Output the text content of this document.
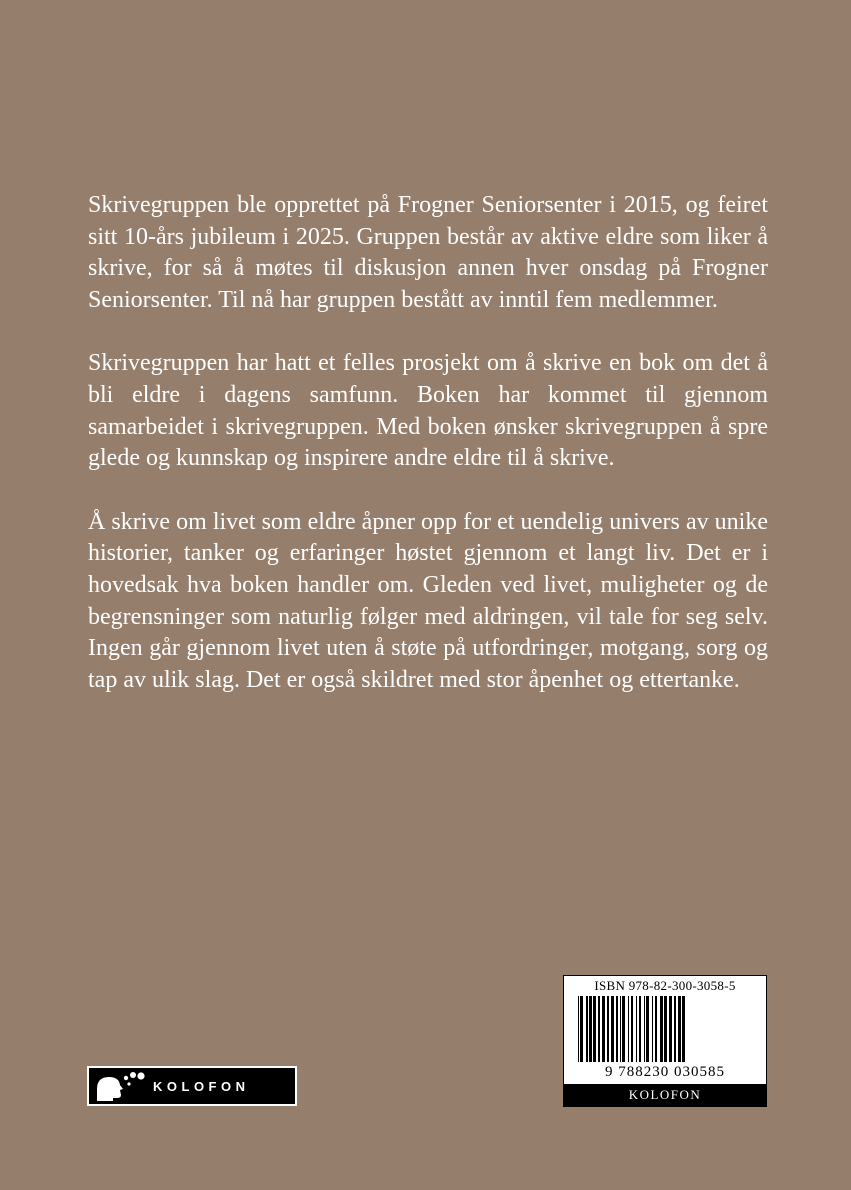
Skrivegruppen ble opprettet på Frogner Seniorsenter i 2015, og feiret sitt 10-års jubileum i 2025. Gruppen består av aktive eldre som liker å skrive, for så å møtes til diskusjon annen hver onsdag på Frogner Seniorsenter. Til nå har gruppen bestått av inntil fem medlemmer.

Skrivegruppen har hatt et felles prosjekt om å skrive en bok om det å bli eldre i dagens samfunn. Boken har kommet til gjennom samarbeidet i skrivegruppen. Med boken ønsker skrivegruppen å spre glede og kunnskap og inspirere andre eldre til å skrive.

Å skrive om livet som eldre åpner opp for et uendelig univers av unike historier, tanker og erfaringer høstet gjennom et langt liv. Det er i hovedsak hva boken handler om. Gleden ved livet, muligheter og de begrensninger som naturlig følger med aldringen, vil tale for seg selv. Ingen går gjennom livet uten å støte på utfordringer, motgang, sorg og tap av ulik slag. Det er også skildret med stor åpenhet og ettertanke.

KOLOFON
ISBN 978-82-300-3058-5
9 788230 030585
KOLOFON
